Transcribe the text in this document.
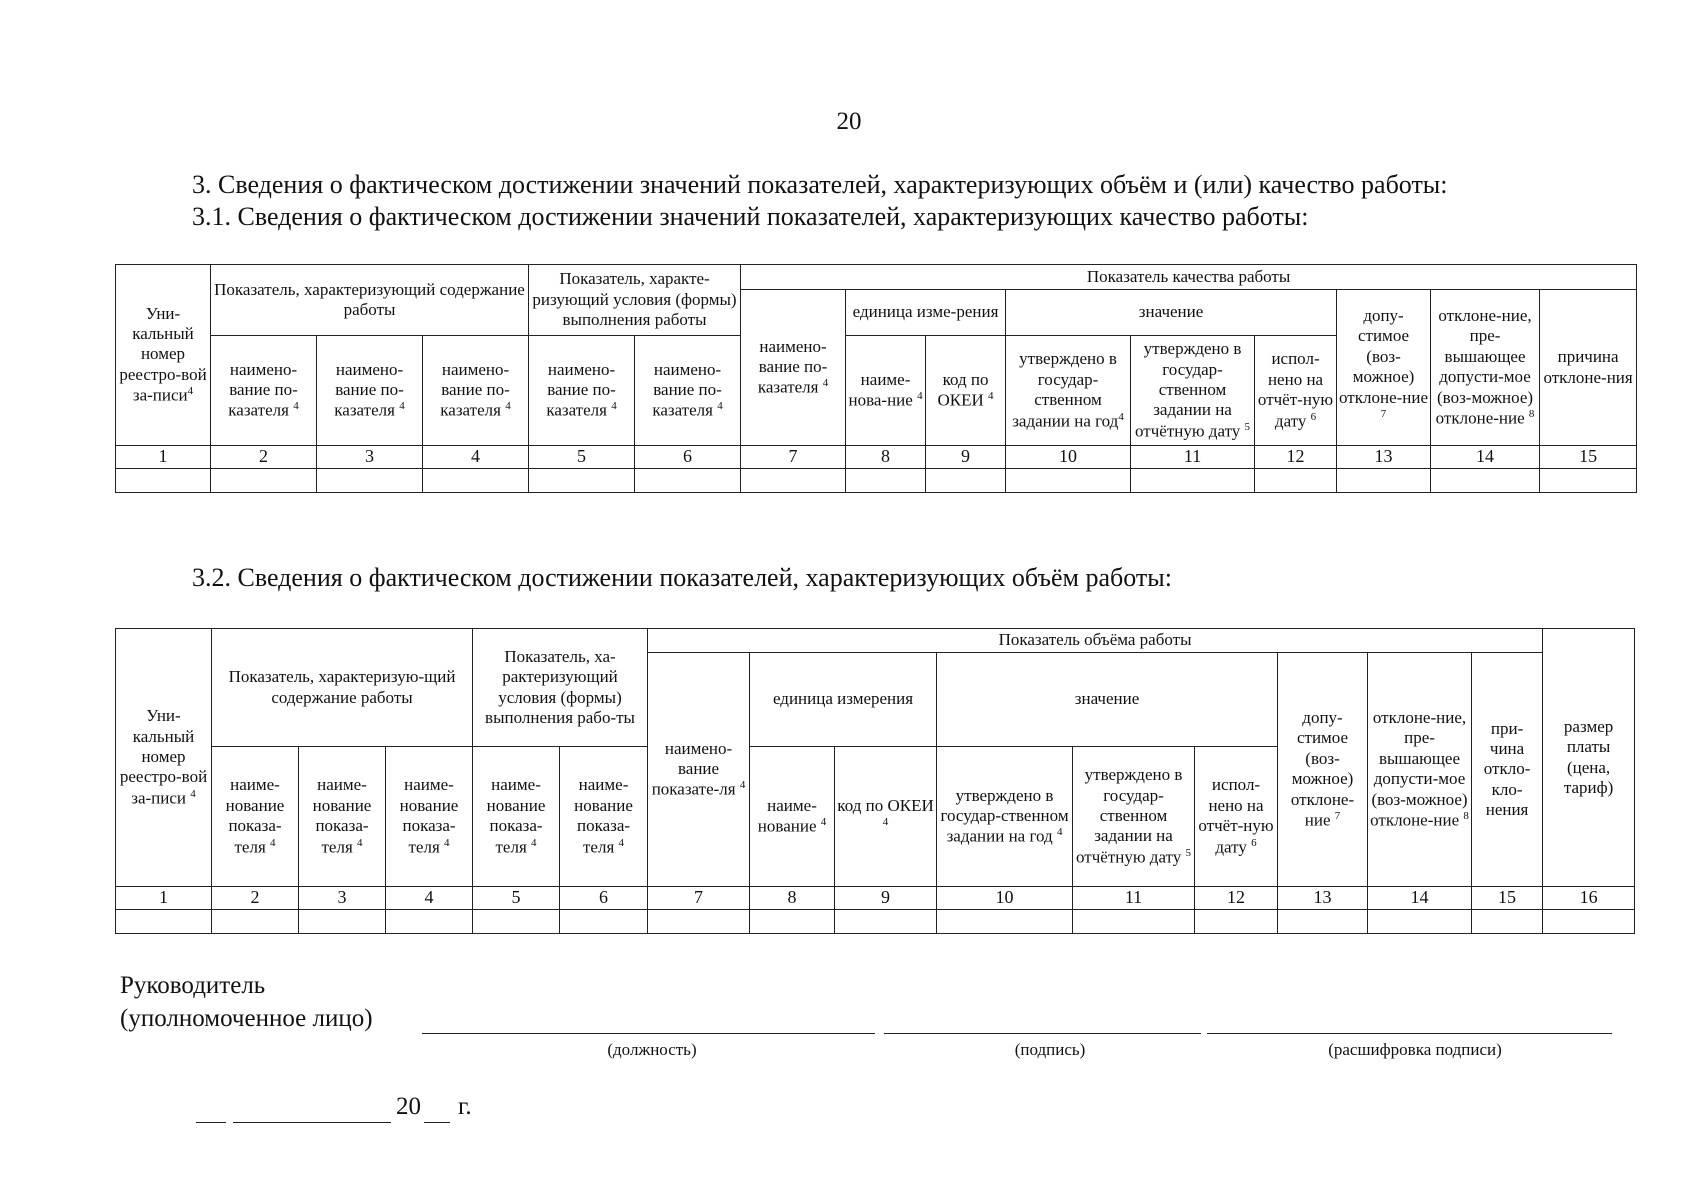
20
3. Сведения о фактическом достижении значений показателей, характеризующих объём и (или) качество работы:
3.1. Сведения о фактическом достижении значений показателей, характеризующих качество работы:
Уни-кальный номер реестро-вой за-писи$^4$	Показатель, характеризующий содержание работы			Показатель, характе-ризующий условия (формы) выполнения работы		Показатель качества работы								
						наимено-вание по-казателя $^4$	единица изме-рения		значение			допу-стимое (воз-можное) отклоне-ние $^7$	отклоне-ние, пре-вышающее допусти-мое (воз-можное) отклоне-ние $^8$	причина отклоне-ния
	наимено-вание по-казателя $^4$	наимено-вание по-казателя $^4$	наимено-вание по-казателя $^4$	наимено-вание по-казателя $^4$	наимено-вание по-казателя $^4$		наиме-нова-ние $^4$	код по ОКЕИ $^4$	утверждено в государ-ственном задании на год$^4$	утверждено в государ-ственном задании на отчётную дату $^5$	испол-нено на отчёт-ную дату $^6$
1	2	3	4	5	6	7	8	9	10	11	12	13	14	15

3.2. Сведения о фактическом достижении показателей, характеризующих объём работы:
Уни-кальный номер реестро-вой за-писи $^4$	Показатель, характеризую-щий содержание работы			Показатель, ха-рактеризующий условия (формы) выполнения рабо-ты		Показатель объёма работы									размер платы (цена, тариф)
						наимено-вание показате-ля $^4$	единица измерения		значение			допу-стимое (воз-можное) отклоне-ние $^7$	отклоне-ние, пре-вышающее допусти-мое (воз-можное) отклоне-ние $^8$	при-чина откло-кло-нения	
	наиме-нование показа-теля $^4$	наиме-нование показа-теля $^4$	наиме-нование показа-теля $^4$	наиме-нование показа-теля $^4$	наиме-нование показа-теля $^4$		наиме-нование $^4$	код по ОКЕИ $^4$	утверждено в государ-ственном задании на год $^4$	утверждено в государ-ственном задании на отчётную дату $^5$	испол-нено на отчёт-ную дату $^6$
1	2	3	4	5	6	7	8	9	10	11	12	13	14	15	16

Руководитель
(уполномоченное лицо)
(должность)	(подпись)	(расшифровка подписи)
20 г.
